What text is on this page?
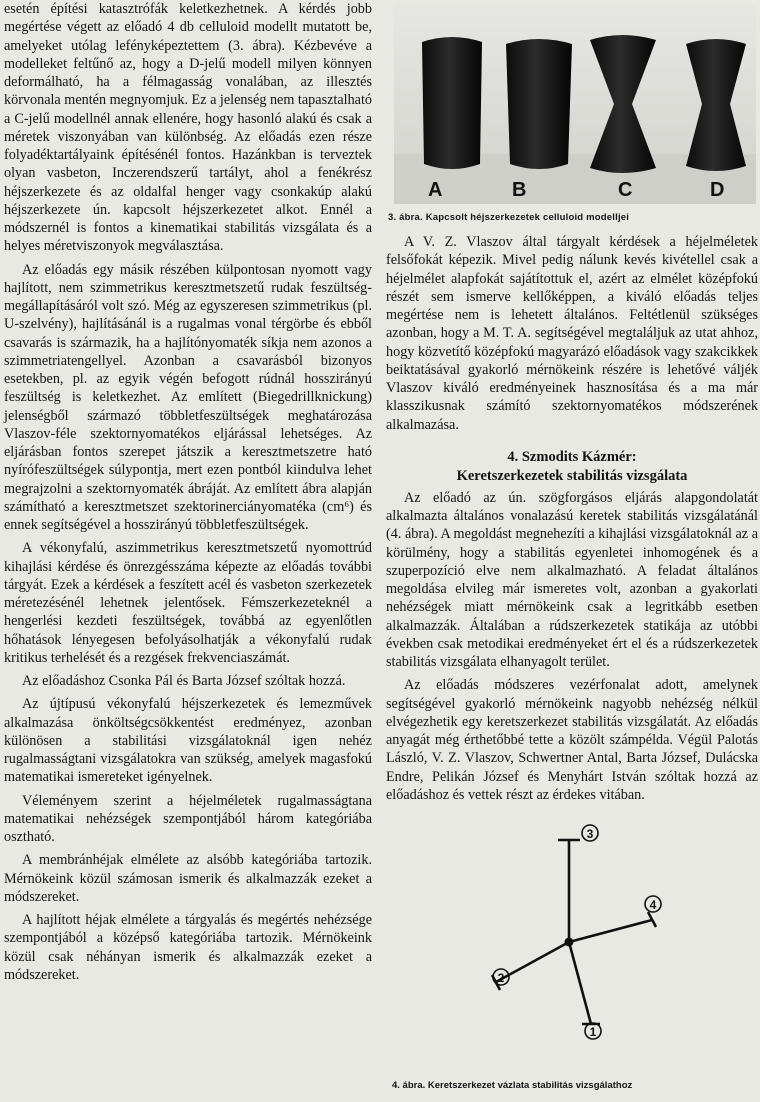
esetén építési katasztrófák keletkezhetnek. A kérdés jobb megértése végett az előadó 4 db celluloid modellt mutatott be, amelyeket utólag lefényképeztettem (3. ábra). Kézbevéve a modelleket feltűnő az, hogy a D-jelű modell milyen könnyen deformálható, ha a félmagasság vonalában, az illesztés körvonala mentén megnyomjuk. Ez a jelenség nem tapasztalható a C-jelű modellnél annak ellenére, hogy hasonló alakú és csak a méretek viszonyában van különbség. Az előadás ezen része folyadéktartályaink építésénél fontos. Hazánkban is terveztek olyan vasbeton, Inczerendszerű tartályt, ahol a fenékrész héjszerkezete és az oldalfal henger vagy csonkakúp alakú héjszerkezete ún. kapcsolt héjszerkezetet alkot. Ennél a módszernél is fontos a kinematikai stabilitás vizsgálata és a helyes méretviszonyok megválasztása.

Az előadás egy másik részében külpontosan nyomott vagy hajlított, nem szimmetrikus keresztmetszetű rudak feszültség-megállapításáról volt szó. Még az egyszeresen szimmetrikus (pl. U-szelvény), hajlításánál is a rugalmas vonal térgörbe és ebből csavarás is származik, ha a hajlítónyomaték síkja nem azonos a szimmetriatengellyel. Azonban a csavarásból bizonyos esetekben, pl. az egyik végén befogott rúdnál hosszirányú feszültség is keletkezhet. Az említett (Biegedrillknickung) jelenségből származó többletfeszültségek meghatározása Vlaszov-féle szektornyomatékos eljárással lehetséges. Az eljárásban fontos szerepet játszik a keresztmetszetre ható nyírófeszültségek súlypontja, mert ezen pontból kiindulva lehet megrajzolni a szektornyomaték ábráját. Az említett ábra alapján számítható a keresztmetszet szektorinerciányomatéka (cm⁶) és ennek segítségével a hosszirányú többletfeszültségek.

A vékonyfalú, aszimmetrikus keresztmetszetű nyomottrúd kihajlási kérdése és önrezgésszáma képezte az előadás további tárgyát. Ezek a kérdések a feszített acél és vasbeton szerkezetek méretezésénél lehetnek jelentősek. Fémszerkezeteknél a hengerlési kezdeti feszültségek, továbbá az egyenlőtlen hőhatások lényegesen befolyásolhatják a vékonyfalú rudak kritikus terhelését és a rezgések frekvenciaszámát.

Az előadáshoz Csonka Pál és Barta József szóltak hozzá.

Az újtípusú vékonyfalú héjszerkezetek és lemezművek alkalmazása önköltségcsökkentést eredményez, azonban különösen a stabilitási vizsgálatoknál igen nehéz rugalmasságtani vizsgálatokra van szükség, amelyek magasfokú matematikai ismereteket igényelnek.

Véleményem szerint a héjelméletek rugalmasságtana matematikai nehézségek szempontjából három kategóriába osztható.

A membránhéjak elmélete az alsóbb kategóriába tartozik. Mérnökeink közül számosan ismerik és alkalmazzák ezeket a módszereket.

A hajlított héjak elmélete a tárgyalás és megértés nehézsége szempontjából a középső kategóriába tartozik. Mérnökeink közül csak néhányan ismerik és alkalmazzák ezeket a módszereket.

A	B	C	D
3. ábra. Kapcsolt héjszerkezetek celluloid modelljei

A V. Z. Vlaszov által tárgyalt kérdések a héjelméletek felsőfokát képezik. Mivel pedig nálunk kevés kivétellel csak a héjelmélet alapfokát sajátítottuk el, azért az elmélet középfokú részét sem ismerve kellőképpen, a kiváló előadás teljes megértése nem is lehetett általános. Feltétlenül szükséges azonban, hogy a M. T. A. segítségével megtaláljuk az utat ahhoz, hogy közvetítő középfokú magyarázó előadások vagy szakcikkek beiktatásával gyakorló mérnökeink részére is lehetővé váljék Vlaszov kiváló eredményeinek hasznosítása és a ma már klasszikusnak számító szektornyomatékos módszerének alkalmazása.

4. Szmodits Kázmér:
Keretszerkezetek stabilitás vizsgálata

Az előadó az ún. szögforgásos eljárás alapgondolatát alkalmazta általános vonalazású keretek stabilitás vizsgálatánál (4. ábra). A megoldást megnehezíti a kihajlási vizsgálatoknál az a körülmény, hogy a stabilitás egyenletei inhomogének és a szuperpozíció elve nem alkalmazható. A feladat általános megoldása elvileg már ismeretes volt, azonban a gyakorlati nehézségek miatt mérnökeink csak a legritkább esetben alkalmazzák. Általában a rúdszerkezetek statikája az utóbbi években csak metodikai eredményeket ért el és a rúdszerkezetek stabilitás vizsgálata elhanyagolt terület.

Az előadás módszeres vezérfonalat adott, amelynek segítségével gyakorló mérnökeink nagyobb nehézség nélkül elvégezhetik egy keretszerkezet stabilitás vizsgálatát. Az előadás anyagát még érthetőbbé tette a közölt számpélda. Végül Palotás László, V. Z. Vlaszov, Schwertner Antal, Barta József, Dulácska Endre, Pelikán József és Menyhárt István szóltak hozzá az előadáshoz és vettek részt az érdekes vitában.

1
2
3
4
4. ábra. Keretszerkezet vázlata stabilitás vizsgálathoz
